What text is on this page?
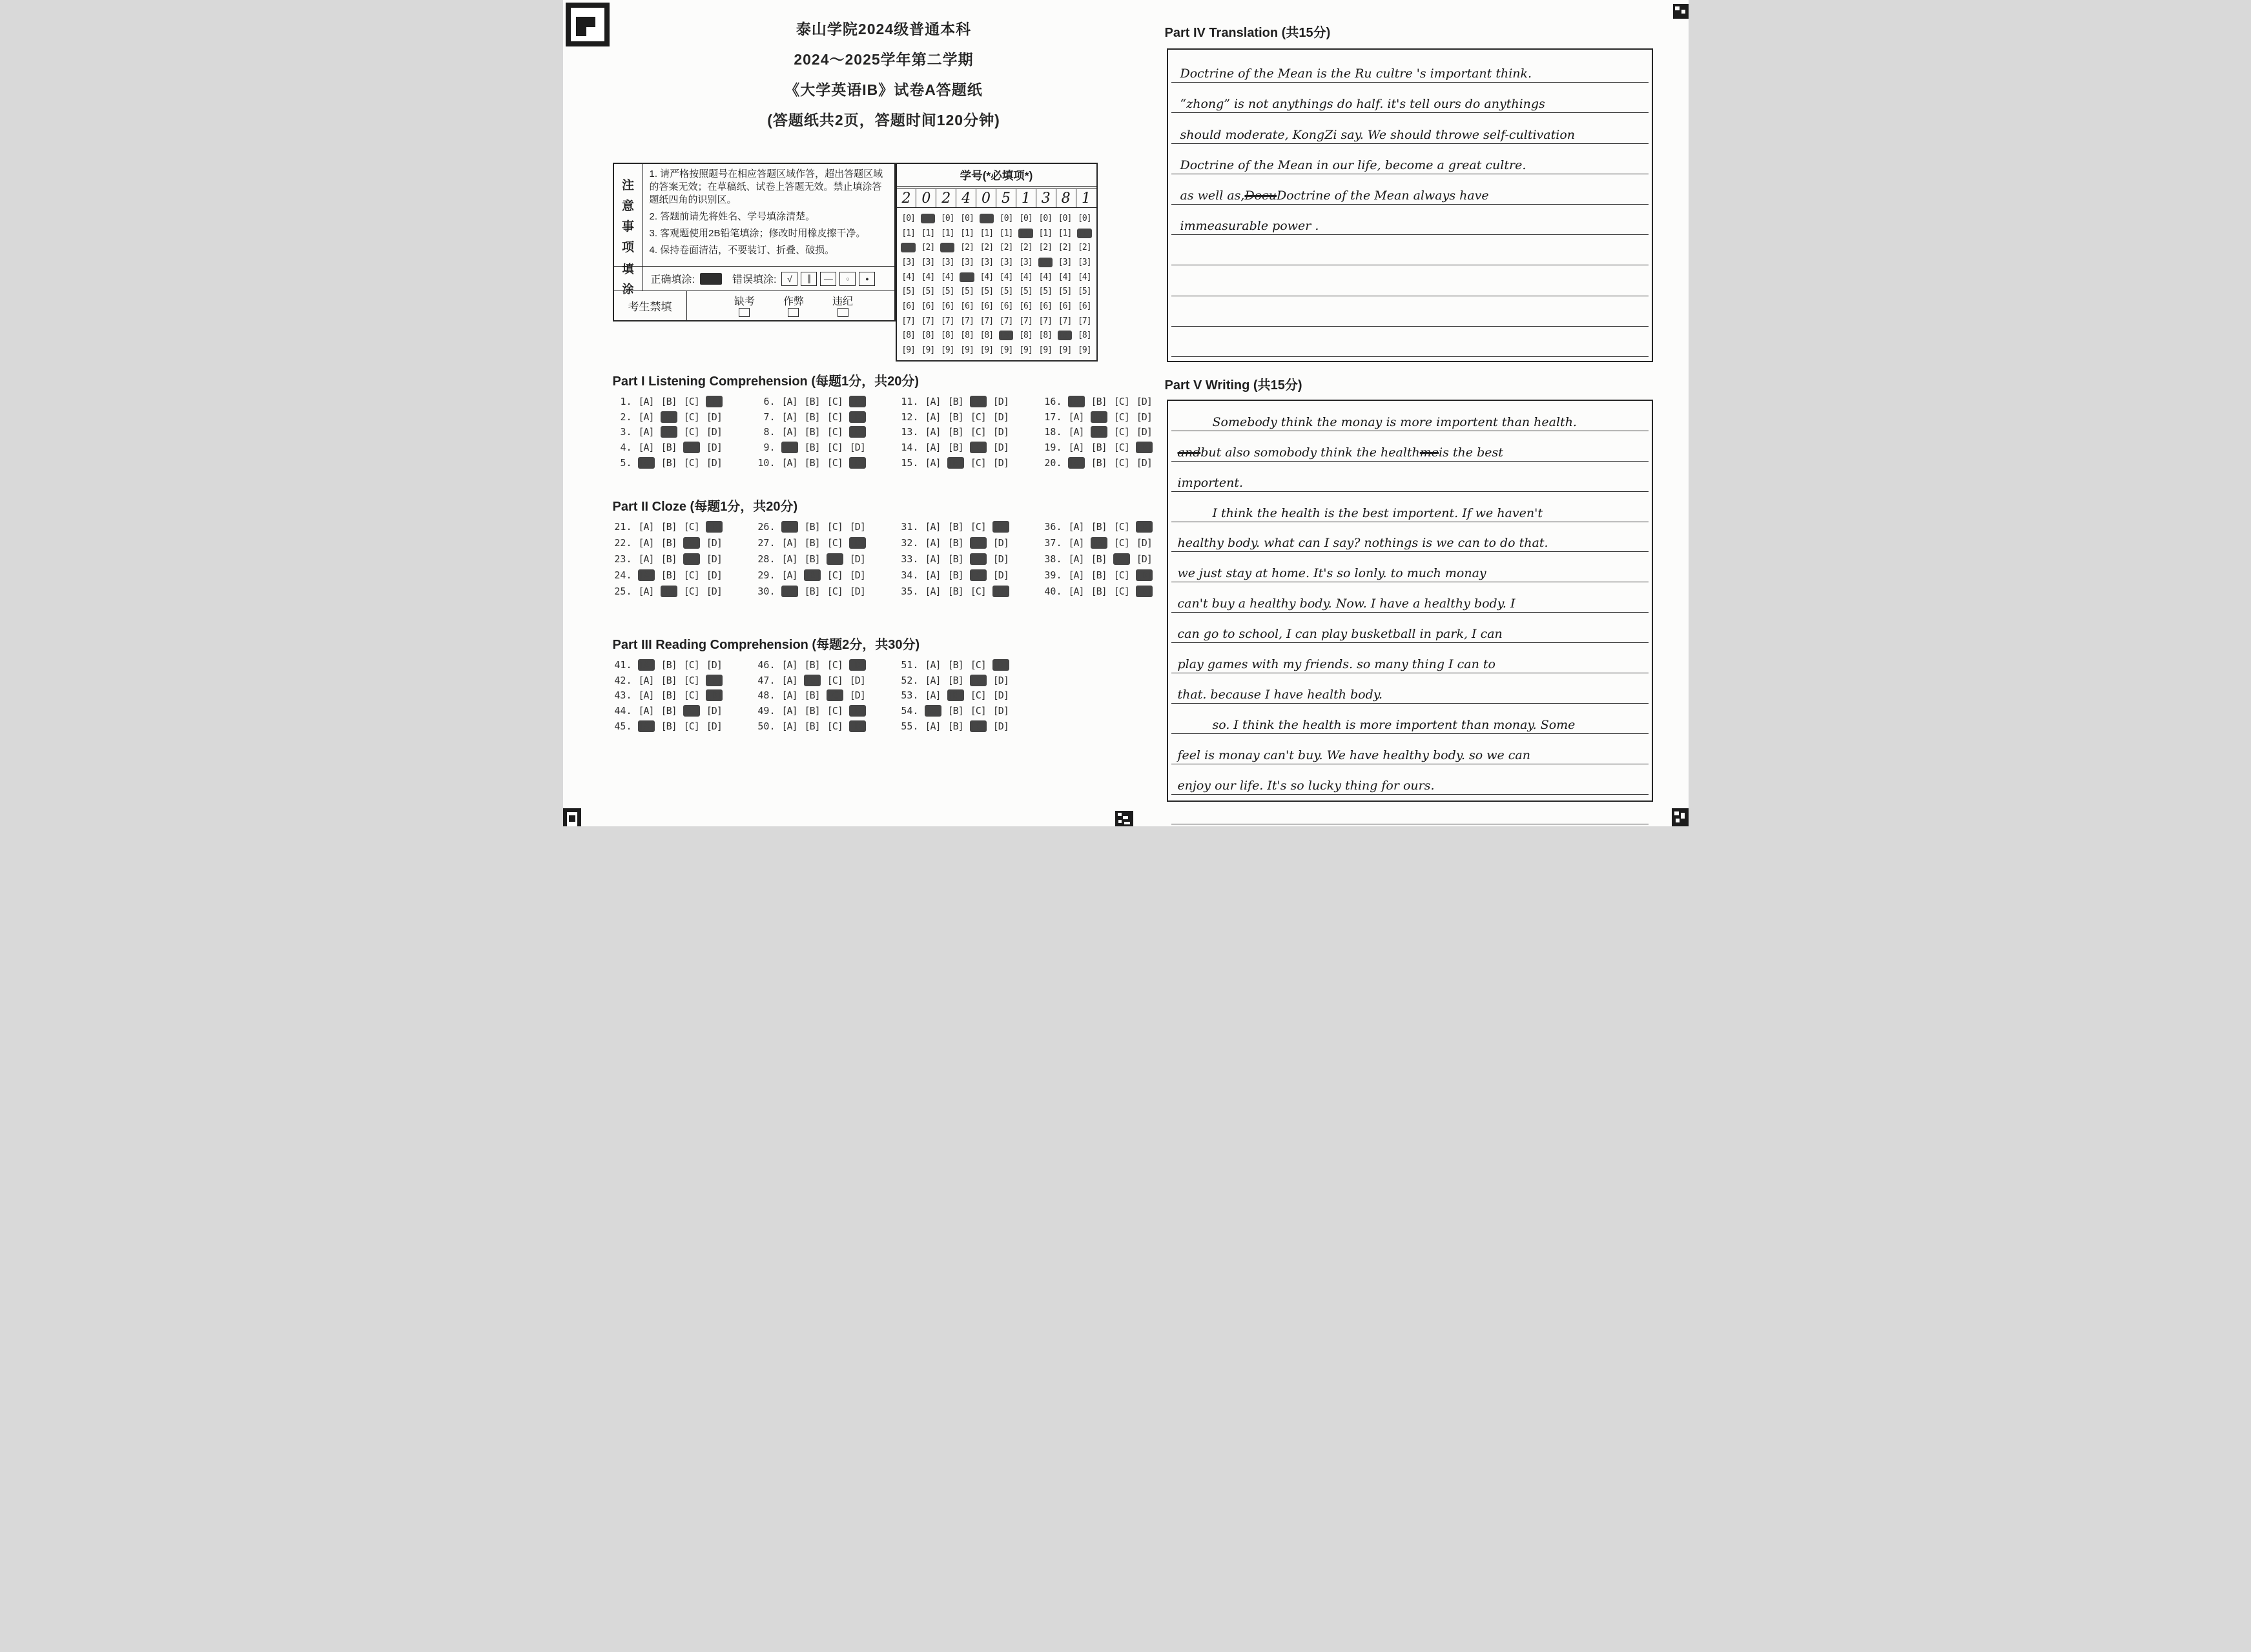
泰山学院2024级普通本科
2024～2025学年第二学期
《大学英语IB》试卷A答题纸
(答题纸共2页，答题时间120分钟)
注
意
事
项

1. 请严格按照题号在相应答题区域作答，超出答题区域的答案无效；在草稿纸、试卷上答题无效。禁止填涂答题纸四角的识别区。

2. 答题前请先将姓名、学号填涂清楚。

3. 客观题使用2B铅笔填涂；修改时用橡皮擦干净。

4. 保持卷面清洁，不要装订、折叠、破损。

填
涂
正确填涂:	错误填涂: √ ∥ — ○	●
考生禁填	缺考	作弊	违纪
学号(*必填项*)
2 0 2 4 0 5 1 3 8 1
[0] [0] [0] [0] [0] [0] [0] [0] [0] [0]
[1] [1] [1] [1] [1] [1] [1] [1] [1] [1]
[2] [2] [2] [2] [2] [2] [2] [2] [2] [2]
[3] [3] [3] [3] [3] [3] [3] [3] [3] [3]
[4] [4] [4] [4] [4] [4] [4] [4] [4] [4]
[5] [5] [5] [5] [5] [5] [5] [5] [5] [5]
[6] [6] [6] [6] [6] [6] [6] [6] [6] [6]
[7] [7] [7] [7] [7] [7] [7] [7] [7] [7]
[8] [8] [8] [8] [8] [8] [8] [8] [8] [8]
[9] [9] [9] [9] [9] [9] [9] [9] [9] [9]
Part I Listening Comprehension (每题1分，共20分)
1. [A] [B] [C] [D]
2. [A] [B] [C] [D]
3. [A] [B] [C] [D]
4. [A] [B] [C] [D]
5. [A] [B] [C] [D]
6. [A] [B] [C] [D]
7. [A] [B] [C] [D]
8. [A] [B] [C] [D]
9. [A] [B] [C] [D]
10. [A] [B] [C] [D]
11. [A] [B] [C] [D]
12. [A] [B] [C] [D]
13. [A] [B] [C] [D]
14. [A] [B] [C] [D]
15. [A] [B] [C] [D]
16. [A] [B] [C] [D]
17. [A] [B] [C] [D]
18. [A] [B] [C] [D]
19. [A] [B] [C] [D]
20. [A] [B] [C] [D]
Part II Cloze (每题1分，共20分)
21. [A] [B] [C] [D]
22. [A] [B] [C] [D]
23. [A] [B] [C] [D]
24. [A] [B] [C] [D]
25. [A] [B] [C] [D]
26. [A] [B] [C] [D]
27. [A] [B] [C] [D]
28. [A] [B] [C] [D]
29. [A] [B] [C] [D]
30. [A] [B] [C] [D]
31. [A] [B] [C] [D]
32. [A] [B] [C] [D]
33. [A] [B] [C] [D]
34. [A] [B] [C] [D]
35. [A] [B] [C] [D]
36. [A] [B] [C] [D]
37. [A] [B] [C] [D]
38. [A] [B] [C] [D]
39. [A] [B] [C] [D]
40. [A] [B] [C] [D]
Part III Reading Comprehension (每题2分，共30分)
41. [A] [B] [C] [D]
42. [A] [B] [C] [D]
43. [A] [B] [C] [D]
44. [A] [B] [C] [D]
45. [A] [B] [C] [D]
46. [A] [B] [C] [D]
47. [A] [B] [C] [D]
48. [A] [B] [C] [D]
49. [A] [B] [C] [D]
50. [A] [B] [C] [D]
51. [A] [B] [C] [D]
52. [A] [B] [C] [D]
53. [A] [B] [C] [D]
54. [A] [B] [C] [D]
55. [A] [B] [C] [D]
Part IV Translation (共15分)
Doctrine of the Mean is the Ru cultre 's important think.
“zhong” is not anythings do half. it's tell ours do anythings
should moderate, KongZi say. We should throwe self-cultivation
Doctrine of the Mean in our life, become a great cultre.
as well as, Docu Doctrine of the Mean always have
immeasurable power .
Part V Writing (共15分)
Somebody think the monay is more importent than health.
and but also somobody think the health me is the best
importent.
I think the health is the best importent. If we haven't
healthy body. what can I say? nothings is we can to do that.
we just stay at home. It's so lonly. to much monay
can't buy a healthy body. Now. I have a healthy body. I
can go to school, I can play busketball in park, I can
play games with my friends. so many thing I can to
that. because I have health body.
so. I think the health is more importent than monay. Some
feel is monay can't buy. We have healthy body. so we can
enjoy our life. It's so lucky thing for ours.
